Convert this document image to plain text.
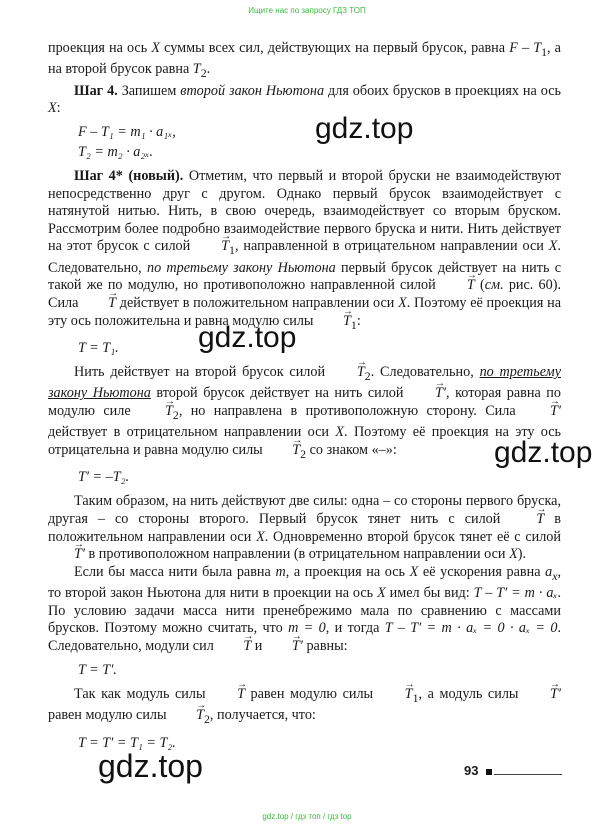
Ищите нас по запросу ГДЗ ТОП

проекция на ось X суммы всех сил, действующих на первый брусок, равна F – $T_1$, а на второй брусок равна $T_2$.

Шаг 4. Запишем второй закон Ньютона для обоих брусков в проекциях на ось X:

F – T₁ = m₁ · a₁ₓ,
T₂ = m₂ · a₂ₓ.

Шаг 4* (новый). Отметим, что первый и второй бруски не взаимодействуют непосредственно друг с другом. Однако первый брусок взаимодействует с натянутой нитью. Нить, в свою очередь, взаимодействует со вторым бруском. Рассмотрим более подробно взаимодействие первого бруска и нити. Нить действует на этот брусок с силой → $T_1$, направленной в отрицательном направлении оси X. Следовательно, по третьему закону Ньютона первый брусок действует на нить с такой же по модулю, но противоположно направленной силой → T (см. рис. 60). Сила → T действует в положительном направлении оси X. Поэтому её проекция на эту ось положительна и равна модулю силы → $T_1$:

T = T₁.

Нить действует на второй брусок силой → $T_2$. Следовательно, по третьему закону Ньютона второй брусок действует на нить силой → T′, которая равна по модулю силе → $T_2$, но направлена в противоположную сторону. Сила → T′ действует в отрицательном направлении оси X. Поэтому её проекция на эту ось отрицательна и равна модулю силы → $T_2$ со знаком «–»:

T′ = –T₂.

Таким образом, на нить действуют две силы: одна – со стороны первого бруска, другая – со стороны второго. Первый брусок тянет нить с силой → T в положительном направлении оси X. Одновременно второй брусок тянет её с силой → T′ в противоположном направлении (в отрицательном направлении оси X).

Если бы масса нити была равна m, а проекция на ось X её ускорения равна $a_x$, то второй закон Ньютона для нити в проекции на ось X имел бы вид: T – T′ = m · aₓ. По условию задачи масса нити пренебрежимо мала по сравнению с массами брусков. Поэтому можно считать, что m = 0, и тогда T – T′ = m · aₓ = 0 · aₓ = 0. Следовательно, модули сил → T и → T′ равны:

T = T′.

Так как модуль силы → T равен модулю силы → $T_1$, а модуль силы → T′ равен модулю силы → $T_2$, получается, что:

T = T′ = T₁ = T₂.
gdz.top
gdz.top
gdz.top
gdz.top	93
gdz.top / гдз топ / гдз top
